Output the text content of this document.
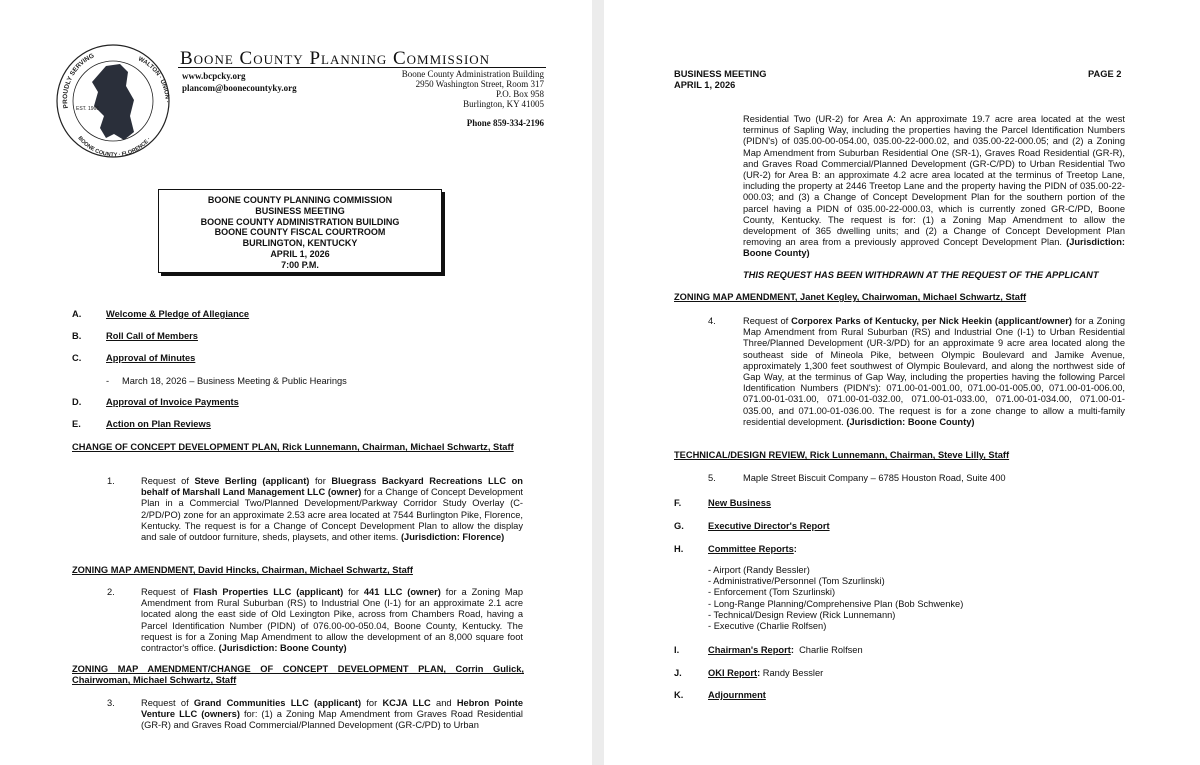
PROUDLY SERVING	WALTON · UNION ·
BOONE COUNTY · FLORENCE ·
EST. 1966
Boone County Planning Commission
www.bcpcky.org
plancom@boonecountyky.org
Boone County Administration Building
2950 Washington Street, Room 317
P.O. Box 958
Burlington, KY 41005
Phone 859-334-2196
BOONE COUNTY PLANNING COMMISSION
BUSINESS MEETING
BOONE COUNTY ADMINISTRATION BUILDING
BOONE COUNTY FISCAL COURTROOM
BURLINGTON, KENTUCKY
APRIL 1, 2026
7:00 P.M.
A.	Welcome & Pledge of Allegiance
B.	Roll Call of Members
C.	Approval of Minutes
-     March 18, 2026 – Business Meeting & Public Hearings
D.	Approval of Invoice Payments
E.	Action on Plan Reviews
CHANGE OF CONCEPT DEVELOPMENT PLAN, Rick Lunnemann, Chairman, Michael Schwartz, Staff
1.	Request of Steve Berling (applicant) for Bluegrass Backyard Recreations LLC on behalf of Marshall Land Management LLC (owner) for a Change of Concept Development Plan in a Commercial Two/Planned Development/Parkway Corridor Study Overlay (C-2/PD/PO) zone for an approximate 2.53 acre area located at 7544 Burlington Pike, Florence, Kentucky. The request is for a Change of Concept Development Plan to allow the display and sale of outdoor furniture, sheds, playsets, and other items. (Jurisdiction: Florence)
ZONING MAP AMENDMENT, David Hincks, Chairman, Michael Schwartz, Staff
2.	Request of Flash Properties LLC (applicant) for 441 LLC (owner) for a Zoning Map Amendment from Rural Suburban (RS) to Industrial One (I-1) for an approximate 2.1 acre located along the east side of Old Lexington Pike, across from Chambers Road, having a Parcel Identification Number (PIDN) of 076.00-00-050.04, Boone County, Kentucky. The request is for a Zoning Map Amendment to allow the development of an 8,000 square foot contractor's office. (Jurisdiction: Boone County)
ZONING MAP AMENDMENT/CHANGE OF CONCEPT DEVELOPMENT PLAN, Corrin Gulick, Chairwoman, Michael Schwartz, Staff
3.	Request of Grand Communities LLC (applicant) for KCJA LLC and Hebron Pointe Venture LLC (owners) for: (1) a Zoning Map Amendment from Graves Road Residential (GR-R) and Graves Road Commercial/Planned Development (GR-C/PD) to Urban
BUSINESS MEETING
APRIL 1, 2026
PAGE 2
Residential Two (UR-2) for Area A: An approximate 19.7 acre area located at the west terminus of Sapling Way, including the properties having the Parcel Identification Numbers (PIDN's) of 035.00-00-054.00, 035.00-22-000.02, and 035.00-22-000.05; and (2) a Zoning Map Amendment from Suburban Residential One (SR-1), Graves Road Residential (GR-R), and Graves Road Commercial/Planned Development (GR-C/PD) to Urban Residential Two (UR-2) for Area B: an approximate 4.2 acre area located at the terminus of Treetop Lane, including the property at 2446 Treetop Lane and the property having the PIDN of 035.00-22-000.03; and (3) a Change of Concept Development Plan for the southern portion of the parcel having a PIDN of 035.00-22-000.03, which is currently zoned GR-C/PD, Boone County, Kentucky. The request is for: (1) a Zoning Map Amendment to allow the development of 365 dwelling units; and (2) a Change of Concept Development Plan removing an area from a previously approved Concept Development Plan. (Jurisdiction: Boone County)
THIS REQUEST HAS BEEN WITHDRAWN AT THE REQUEST OF THE APPLICANT
ZONING MAP AMENDMENT, Janet Kegley, Chairwoman, Michael Schwartz, Staff
4.	Request of Corporex Parks of Kentucky, per Nick Heekin (applicant/owner) for a Zoning Map Amendment from Rural Suburban (RS) and Industrial One (I-1) to Urban Residential Three/Planned Development (UR-3/PD) for an approximate 9 acre area located along the southeast side of Mineola Pike, between Olympic Boulevard and Jamike Avenue, approximately 1,300 feet southwest of Olympic Boulevard, and along the northwest side of Gap Way, at the terminus of Gap Way, including the properties having the following Parcel Identification Numbers (PIDN's): 071.00-01-001.00, 071.00-01-005.00, 071.00-01-006.00, 071.00-01-031.00, 071.00-01-032.00, 071.00-01-033.00, 071.00-01-034.00, 071.00-01-035.00, and 071.00-01-036.00. The request is for a zone change to allow a multi-family residential development. (Jurisdiction: Boone County)
TECHNICAL/DESIGN REVIEW, Rick Lunnemann, Chairman, Steve Lilly, Staff
5.	Maple Street Biscuit Company – 6785 Houston Road, Suite 400
F.	New Business
G.	Executive Director's Report
H.	Committee Reports:
- Airport (Randy Bessler)
- Administrative/Personnel (Tom Szurlinski)
- Enforcement (Tom Szurlinski)
- Long-Range Planning/Comprehensive Plan (Bob Schwenke)
- Technical/Design Review (Rick Lunnemann)
- Executive (Charlie Rolfsen)
I.	Chairman's Report:  Charlie Rolfsen
J.	OKI Report: Randy Bessler
K.	Adjournment
